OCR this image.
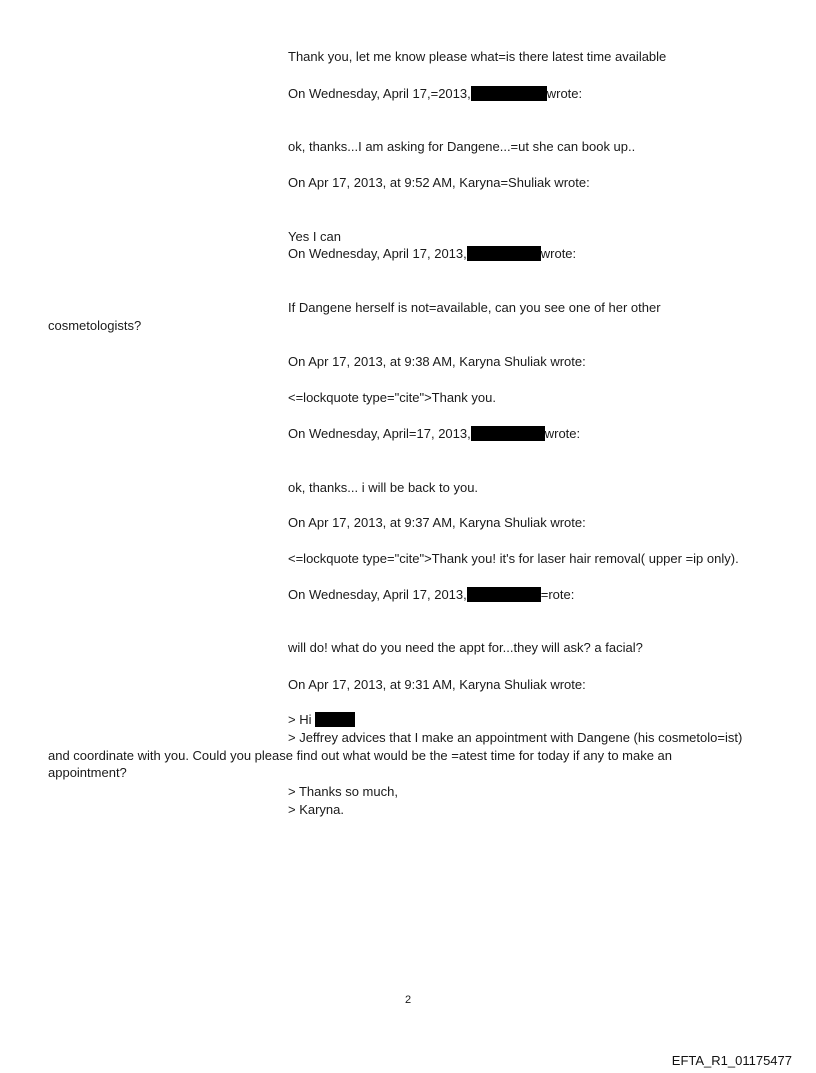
Thank you, let me know please what=is there latest time available
On Wednesday, April 17,=2013,	wrote:
ok, thanks...I am asking for Dangene...=ut she can book up..
On Apr 17, 2013, at 9:52 AM, Karyna=Shuliak wrote:
Yes I can
On Wednesday, April 17, 2013,	wrote:
If Dangene herself is not=available, can you see one of her other
cosmetologists?
On Apr 17, 2013, at 9:38 AM, Karyna Shuliak wrote:
<=lockquote type="cite">Thank you.
On Wednesday, April=17, 2013,	wrote:
ok, thanks... i will be back to you.
On Apr 17, 2013, at 9:37 AM, Karyna Shuliak wrote:
<=lockquote type="cite">Thank you! it's for laser hair removal( upper =ip only).
On Wednesday, April 17, 2013,	=rote:
will do! what do you need the appt for...they will ask? a facial?
On Apr 17, 2013, at 9:31 AM, Karyna Shuliak wrote:
> Hi
> Jeffrey advices that I make an appointment with Dangene (his cosmetolo=ist)
and coordinate with you. Could you please find out what would be the =atest time for today if any to make an
appointment?
> Thanks so much,
> Karyna.
2
EFTA_R1_01175477
